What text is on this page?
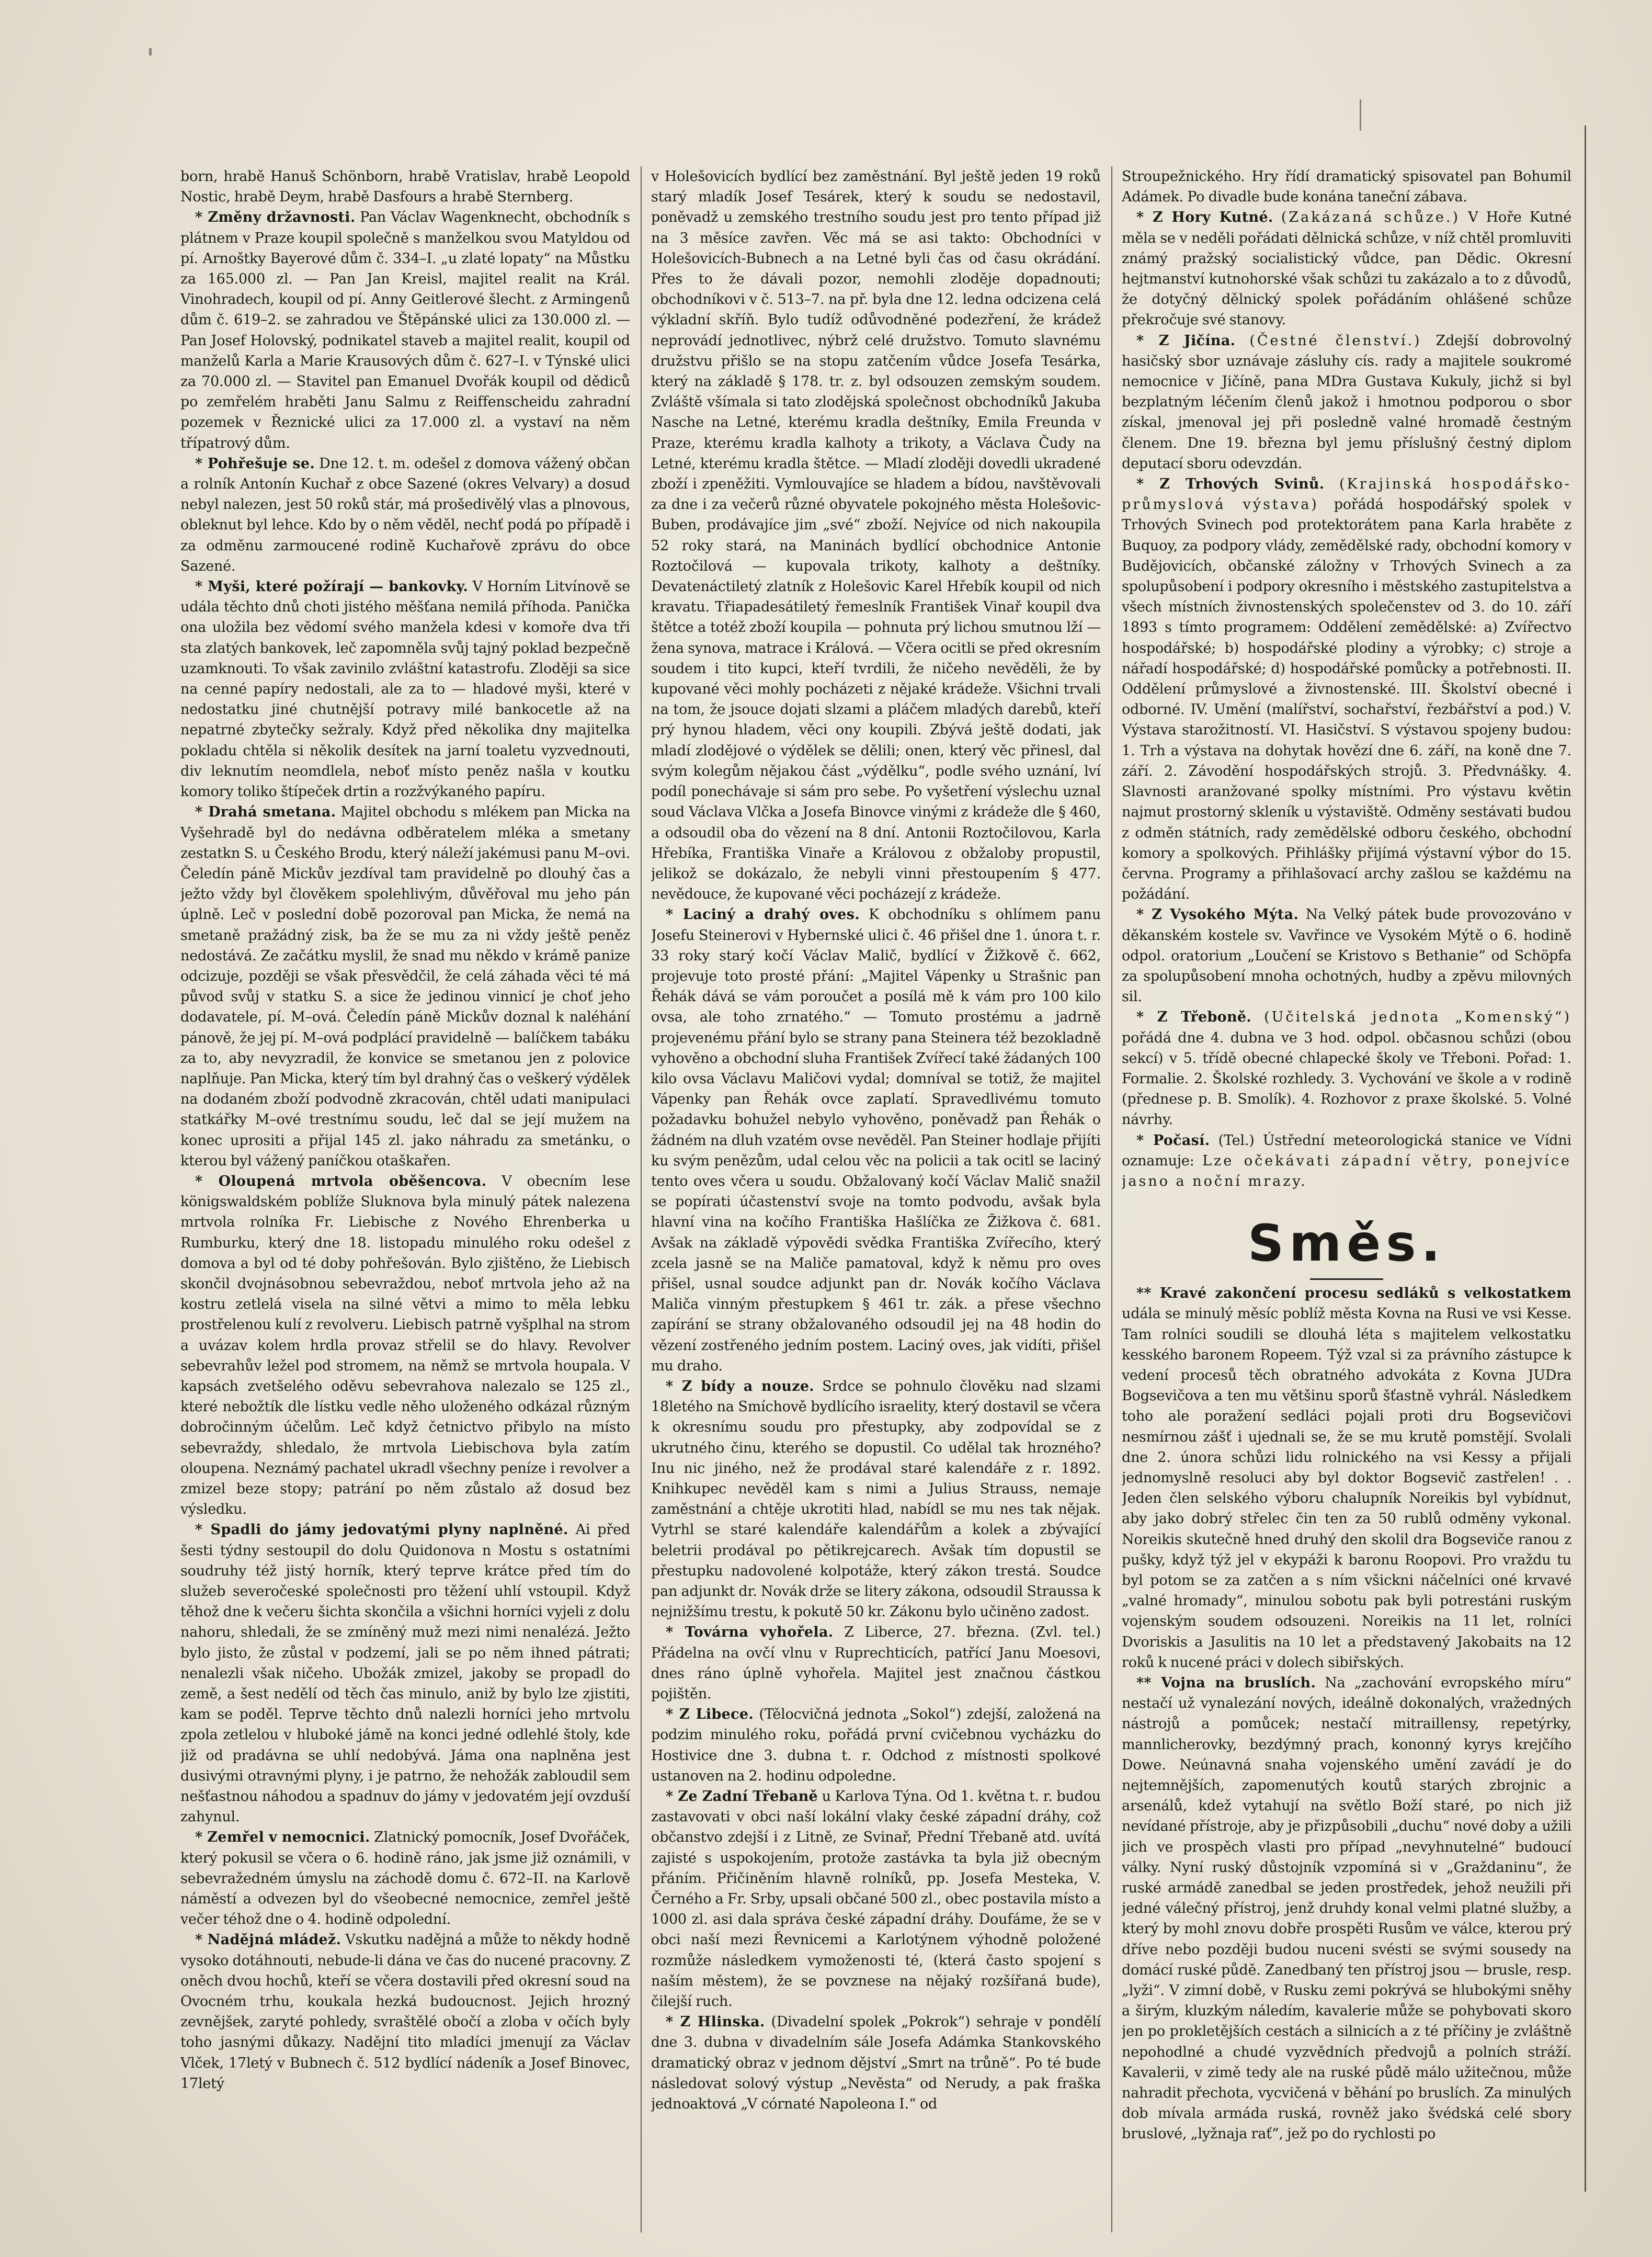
born, hrabě Hanuš Schönborn, hrabě Vratislav, hrabě Leopold Nostic, hrabě Deym, hrabě Dasfours a hrabě Sternberg.

* Změny državnosti. Pan Václav Wagenknecht, obchodník s plátnem v Praze koupil společně s manželkou svou Matyldou od pí. Arnoštky Bayerové dům č. 334–I. „u zlaté lopaty“ na Můstku za 165.000 zl. — Pan Jan Kreisl, majitel realit na Král. Vinohradech, koupil od pí. Anny Geitlerové šlecht. z Armingenů dům č. 619–2. se zahradou ve Štěpánské ulici za 130.000 zl. — Pan Josef Holovský, podnikatel staveb a majitel realit, koupil od manželů Karla a Marie Krausových dům č. 627–I. v Týnské ulici za 70.000 zl. — Stavitel pan Emanuel Dvořák koupil od dědiců po zemřelém hraběti Janu Salmu z Reiffenscheidu zahradní pozemek v Řeznické ulici za 17.000 zl. a vystaví na něm třípatrový dům.

* Pohřešuje se. Dne 12. t. m. odešel z domova vážený občan a rolník Antonín Kuchař z obce Sazené (okres Velvary) a dosud nebyl nalezen, jest 50 roků stár, má prošedivělý vlas a plnovous, obleknut byl lehce. Kdo by o něm věděl, nechť podá po případě i za odměnu zarmoucené rodině Kuchařově zprávu do obce Sazené.

* Myši, které požírají — bankovky. V Horním Litvínově se udála těchto dnů choti jistého měšťana nemilá příhoda. Panička ona uložila bez vědomí svého manžela kdesi v komoře dva tři sta zlatých bankovek, leč zapomněla svůj tajný poklad bezpečně uzamknouti. To však zavinilo zvláštní katastrofu. Zloději sa sice na cenné papíry nedostali, ale za to — hladové myši, které v nedostatku jiné chutnější potravy milé bankocetle až na nepatrné zbytečky sežraly. Když před několika dny majitelka pokladu chtěla si několik desítek na jarní toaletu vyzvednouti, div leknutím neomdlela, neboť místo peněz našla v koutku komory toliko štípeček drtin a rozžvýkaného papíru.

* Drahá smetana. Majitel obchodu s mlékem pan Micka na Vyšehradě byl do nedávna odběratelem mléka a smetany zestatkn S. u Českého Brodu, který náleží jakémusi panu M–ovi. Čeledín páně Mickův jezdíval tam pravidelně po dlouhý čas a ježto vždy byl člověkem spolehlivým, důvěřoval mu jeho pán úplně. Leč v poslední době pozoroval pan Micka, že nemá na smetaně pražádný zisk, ba že se mu za ni vždy ještě peněz nedostává. Ze začátku myslil, že snad mu někdo v krámě panize odcizuje, později se však přesvědčil, že celá záhada věci té má původ svůj v statku S. a sice že jedinou vinnicí je choť jeho dodavatele, pí. M–ová. Čeledín páně Mickův doznal k naléhání pánově, že jej pí. M–ová podplácí pravidelně — balíčkem tabáku za to, aby nevyzradil, že konvice se smetanou jen z polovice naplňuje. Pan Micka, který tím byl drahný čas o veškerý výdělek na dodaném zboží podvodně zkracován, chtěl udati manipulaci statkářky M–ové trestnímu soudu, leč dal se její mužem na konec uprositi a přijal 145 zl. jako náhradu za smetánku, o kterou byl vážený paníčkou otaškařen.

* Oloupená mrtvola oběšencova. V obecním lese königswaldském poblíže Sluknova byla minulý pátek nalezena mrtvola rolníka Fr. Liebische z Nového Ehrenberka u Rumburku, který dne 18. listopadu minulého roku odešel z domova a byl od té doby pohřešován. Bylo zjištěno, že Liebisch skončil dvojnásobnou sebevraždou, neboť mrtvola jeho až na kostru zetlelá visela na silné větvi a mimo to měla lebku prostřelenou kulí z revolveru. Liebisch patrně vyšplhal na strom a uvázav kolem hrdla provaz střelil se do hlavy. Revolver sebevrahův ležel pod stromem, na němž se mrtvola houpala. V kapsách zvetšelého oděvu sebevrahova nalezalo se 125 zl., které nebožtík dle lístku vedle něho uloženého odkázal různým dobročinným účelům. Leč když četnictvo přibylo na místo sebevraždy, shledalo, že mrtvola Liebischova byla zatím oloupena. Neznámý pachatel ukradl všechny peníze i revolver a zmizel beze stopy; patrání po něm zůstalo až dosud bez výsledku.

* Spadli do jámy jedovatými plyny naplněné. Ai před šesti týdny sestoupil do dolu Quidonova n Mostu s ostatními soudruhy též jistý horník, který teprve krátce před tím do služeb severočeské společnosti pro těžení uhlí vstoupil. Když těhož dne k večeru šichta skončila a všichni horníci vyjeli z dolu nahoru, shledali, že se zmíněný muž mezi nimi nenalézá. Ježto bylo jisto, že zůstal v podzemí, jali se po něm ihned pátrati; nenalezli však ničeho. Ubožák zmizel, jakoby se propadl do země, a šest nedělí od těch čas minulo, aniž by bylo lze zjistiti, kam se poděl. Teprve těchto dnů nalezli horníci jeho mrtvolu zpola zetlelou v hluboké jámě na konci jedné odlehlé štoly, kde již od pradávna se uhlí nedobývá. Jáma ona naplněna jest dusivými otravnými plyny, i je patrno, že nehožák zabloudil sem nešťastnou náhodou a spadnuv do jámy v jedovatém její ovzduší zahynul.

* Zemřel v nemocnici. Zlatnický pomocník, Josef Dvořáček, který pokusil se včera o 6. hodině ráno, jak jsme již oznámili, v sebevražedném úmyslu na záchodě domu č. 672–II. na Karlově náměstí a odvezen byl do všeobecné nemocnice, zemřel ještě večer téhož dne o 4. hodině odpolední.

* Nadějná mládež. Vskutku nadějná a může to někdy hodně vysoko dotáhnouti, nebude-li dána ve čas do nucené pracovny. Z oněch dvou hochů, kteří se včera dostavili před okresní soud na Ovocném trhu, koukala hezká budoucnost. Jejich hrozný zevnějšek, zaryté pohledy, svraštělé obočí a zloba v očích byly toho jasnými důkazy. Nadějní tito mladíci jmenují za Václav Vlček, 17letý v Bubnech č. 512 bydlící nádeník a Josef Binovec, 17letý

v Holešovicích bydlící bez zaměstnání. Byl ještě jeden 19 roků starý mladík Josef Tesárek, který k soudu se nedostavil, poněvadž u zemského trestního soudu jest pro tento případ již na 3 měsíce zavřen. Věc má se asi takto: Obchodníci v Holešovicích-Bubnech a na Letné byli čas od času okrádání. Přes to že dávali pozor, nemohli zloděje dopadnouti; obchodníkovi v č. 513–7. na př. byla dne 12. ledna odcizena celá výkladní skříň. Bylo tudíž odůvodněné podezření, že krádež neprovádí jednotlivec, nýbrž celé družstvo. Tomuto slavnému družstvu přišlo se na stopu zatčením vůdce Josefa Tesárka, který na základě § 178. tr. z. byl odsouzen zemským soudem. Zvláště všímala si tato zlodějská společnost obchodníků Jakuba Nasche na Letné, kterému kradla deštníky, Emila Freunda v Praze, kterému kradla kalhoty a trikoty, a Václava Čudy na Letné, kterému kradla štětce. — Mladí zloději dovedli ukradené zboží i zpeněžiti. Vymlouvajíce se hladem a bídou, navštěvovali za dne i za večerů různé obyvatele pokojného města Holešovic-Buben, prodávajíce jim „své“ zboží. Nejvíce od nich nakoupila 52 roky stará, na Maninách bydlící obchodnice Antonie Roztočilová — kupovala trikoty, kalhoty a deštníky. Devatenáctiletý zlatník z Holešovic Karel Hřebík koupil od nich kravatu. Třiapadesátiletý řemeslník František Vinař koupil dva štětce a totéž zboží koupila — pohnuta prý lichou smutnou lží — žena synova, matrace i Králová. — Včera ocitli se před okresním soudem i tito kupci, kteří tvrdili, že ničeho nevěděli, že by kupované věci mohly pocházeti z nějaké krádeže. Všichni trvali na tom, že jsouce dojati slzami a pláčem mladých darebů, kteří prý hynou hladem, věci ony koupili. Zbývá ještě dodati, jak mladí zlodějové o výdělek se dělili; onen, který věc přinesl, dal svým kolegům nějakou část „výdělku“, podle svého uznání, lví podíl ponechávaje si sám pro sebe. Po vyšetření výslechu uznal soud Václava Vlčka a Josefa Binovce vinými z krádeže dle § 460, a odsoudil oba do vězení na 8 dní. Antonii Roztočilovou, Karla Hřebíka, Františka Vinaře a Královou z obžaloby propustil, jelikož se dokázalo, že nebyli vinni přestoupením § 477. nevědouce, že kupované věci pocházejí z krádeže.

* Laciný a drahý oves. K obchodníku s ohlímem panu Josefu Steinerovi v Hybernské ulici č. 46 přišel dne 1. února t. r. 33 roky starý kočí Václav Malič, bydlící v Žižkově č. 662, projevuje toto prosté přání: „Majitel Vápenky u Strašnic pan Řehák dává se vám poroučet a posílá mě k vám pro 100 kilo ovsa, ale toho zrnatého.“ — Tomuto prostému a jadrně projevenému přání bylo se strany pana Steinera též bezokladně vyhověno a obchodní sluha František Zvířecí také žádaných 100 kilo ovsa Václavu Maličovi vydal; domníval se totiž, že majitel Vápenky pan Řehák ovce zaplatí. Spravedlivému tomuto požadavku bohužel nebylo vyhověno, poněvadž pan Řehák o žádném na dluh vzatém ovse nevěděl. Pan Steiner hodlaje přijíti ku svým penězům, udal celou věc na policii a tak ocitl se laciný tento oves včera u soudu. Obžalovaný kočí Václav Malič snažil se popírati účastenství svoje na tomto podvodu, avšak byla hlavní vina na kočího Františka Hašlíčka ze Žižkova č. 681. Avšak na základě výpovědi svědka Františka Zvířecího, který zcela jasně se na Maliče pamatoval, když k němu pro oves přišel, usnal soudce adjunkt pan dr. Novák kočího Václava Maliča vinným přestupkem § 461 tr. zák. a přese všechno zapírání se strany obžalovaného odsoudil jej na 48 hodin do vězení zostřeného jedním postem. Laciný oves, jak vidíti, přišel mu draho.

* Z bídy a nouze. Srdce se pohnulo člověku nad slzami 18letého na Smíchově bydlícího israelity, který dostavil se včera k okresnímu soudu pro přestupky, aby zodpovídal se z ukrutného činu, kterého se dopustil. Co udělal tak hrozného? Inu nic jiného, než že prodával staré kalendáře z r. 1892. Knihkupec nevěděl kam s nimi a Julius Strauss, nemaje zaměstnání a chtěje ukrotiti hlad, nabídl se mu nes tak nějak. Vytrhl se staré kalendáře kalendářům a kolek a zbývající beletrii prodával po pětikrejcarech. Avšak tím dopustil se přestupku nadovolené kolpotáže, který zákon trestá. Soudce pan adjunkt dr. Novák drže se litery zákona, odsoudil Straussa k nejnižšímu trestu, k pokutě 50 kr. Zákonu bylo učiněno zadost.

* Továrna vyhořela. Z Liberce, 27. března. (Zvl. tel.) Přádelna na ovčí vlnu v Ruprechticích, patřící Janu Moesovi, dnes ráno úplně vyhořela. Majitel jest značnou částkou pojištěn.

* Z Libece. (Tělocvičná jednota „Sokol“) zdejší, založená na podzim minulého roku, pořádá první cvičebnou vycházku do Hostivice dne 3. dubna t. r. Odchod z místnosti spolkové ustanoven na 2. hodinu odpoledne.

* Ze Zadní Třebaně u Karlova Týna. Od 1. května t. r. budou zastavovati v obci naší lokální vlaky české západní dráhy, což občanstvo zdejší i z Litně, ze Svinař, Přední Třebaně atd. uvítá zajisté s uspokojením, protože zastávka ta byla již obecným přáním. Přičiněním hlavně rolníků, pp. Josefa Mesteka, V. Černého a Fr. Srby, upsali občané 500 zl., obec postavila místo a 1000 zl. asi dala správa české západní dráhy. Doufáme, že se v obci naší mezi Řevnicemi a Karlotýnem výhodně položené rozmůže následkem vymoženosti té, (která často spojení s naším městem), že se povznese na nějaký rozšířaná bude), čilejší ruch.

* Z Hlinska. (Divadelní spolek „Pokrok“) sehraje v pondělí dne 3. dubna v divadelním sále Josefa Adámka Stankovského dramatický obraz v jednom dějství „Smrt na trůně“. Po té bude následovat solový výstup „Nevěsta“ od Nerudy, a pak fraška jednoaktová „V córnaté Napoleona I.“ od

Stroupežnického. Hry řídí dramatický spisovatel pan Bohumil Adámek. Po divadle bude konána taneční zábava.

* Z Hory Kutné. (Zakázaná schůze.) V Hoře Kutné měla se v neděli pořádati dělnická schůze, v níž chtěl promluviti známý pražský socialistický vůdce, pan Dědic. Okresní hejtmanství kutnohorské však schůzi tu zakázalo a to z důvodů, že dotyčný dělnický spolek pořádáním ohlášené schůze překročuje své stanovy.

* Z Jičína. (Čestné členství.) Zdejší dobrovolný hasičský sbor uznávaje zásluhy cís. rady a majitele soukromé nemocnice v Jičíně, pana MDra Gustava Kukuly, jichž si byl bezplatným léčením členů jakož i hmotnou podporou o sbor získal, jmenoval jej při posledně valné hromadě čestným členem. Dne 19. března byl jemu příslušný čestný diplom deputací sboru odevzdán.

* Z Trhových Svinů. (Krajinská hospodářsko-průmyslová výstava) pořádá hospodářský spolek v Trhových Svinech pod protektorátem pana Karla hraběte z Buquoy, za podpory vlády, zemědělské rady, obchodní komory v Budějovicích, občanské záložny v Trhových Svinech a za spolupůsobení i podpory okresního i městského zastupitelstva a všech místních živnostenských společenstev od 3. do 10. září 1893 s tímto programem: Oddělení zemědělské: a) Zvířectvo hospodářské; b) hospodářské plodiny a výrobky; c) stroje a nářadí hospodářské; d) hospodářské pomůcky a potřebnosti. II. Oddělení průmyslové a živnostenské. III. Školství obecné i odborné. IV. Umění (malířství, sochařství, řezbářství a pod.) V. Výstava starožitností. VI. Hasičství. S výstavou spojeny budou: 1. Trh a výstava na dohytak hovězí dne 6. září, na koně dne 7. září. 2. Závodění hospodářských strojů. 3. Předvnášky. 4. Slavnosti aranžované spolky místními. Pro výstavu květin najmut prostorný skleník u výstaviště. Odměny sestávati budou z odměn státních, rady zemědělské odboru českého, obchodní komory a spolkových. Přihlášky přijímá výstavní výbor do 15. června. Programy a přihlašovací archy zašlou se každému na požádání.

* Z Vysokého Mýta. Na Velký pátek bude provozováno v děkanském kostele sv. Vavřince ve Vysokém Mýtě o 6. hodině odpol. oratorium „Loučení se Kristovo s Bethanie“ od Schöpfa za spolupůsobení mnoha ochotných, hudby a zpěvu milovných sil.

* Z Třeboně. (Učitelská jednota „Komenský“) pořádá dne 4. dubna ve 3 hod. odpol. občasnou schůzi (obou sekcí) v 5. třídě obecné chlapecké školy ve Třeboni. Pořad: 1. Formalie. 2. Školské rozhledy. 3. Vychování ve škole a v rodině (přednese p. B. Smolík). 4. Rozhovor z praxe školské. 5. Volné návrhy.

* Počasí. (Tel.) Ústřední meteorologická stanice ve Vídni oznamuje: Lze očekávati západní větry, ponejvíce jasno a noční mrazy.

Směs.

** Kravé zakončení procesu sedláků s velkostatkem udála se minulý měsíc poblíž města Kovna na Rusi ve vsi Kesse. Tam rolníci soudili se dlouhá léta s majitelem velkostatku kesského baronem Ropeem. Týž vzal si za právního zástupce k vedení procesů těch obratného advokáta z Kovna JUDra Bogsevičova a ten mu většinu sporů šťastně vyhrál. Následkem toho ale poražení sedláci pojali proti dru Bogsevičovi nesmírnou zášť i ujednali se, že se mu krutě pomstějí. Svolali dne 2. února schůzi lidu rolnického na vsi Kessy a přijali jednomyslně resoluci aby byl doktor Bogsevič zastřelen! . . Jeden člen selského výboru chalupník Noreikis byl vybídnut, aby jako dobrý střelec čin ten za 50 rublů odměny vykonal. Noreikis skutečně hned druhý den skolil dra Bogseviče ranou z pušky, když týž jel v ekypáži k baronu Roopovi. Pro vraždu tu byl potom se za zatčen a s ním všickni náčelníci oné krvavé „valné hromady“, minulou sobotu pak byli potrestáni ruským vojenským soudem odsouzeni. Noreikis na 11 let, rolníci Dvoriskis a Jasulitis na 10 let a představený Jakobaits na 12 roků k nucené práci v dolech sibiřských.

** Vojna na bruslích. Na „zachování evropského míru“ nestačí už vynalezání nových, ideálně dokonalých, vražedných nástrojů a pomůcek; nestačí mitraillensy, repetýrky, mannlicherovky, bezdýmný prach, kononný kyrys krejčího Dowe. Neúnavná snaha vojenského umění zavádí je do nejtemnějších, zapomenutých koutů starých zbrojnic a arsenálů, kdež vytahují na světlo Boží staré, po nich již nevídané přístroje, aby je přizpůsobili „duchu“ nové doby a užili jich ve prospěch vlasti pro případ „nevyhnutelné“ budoucí války. Nyní ruský důstojník vzpomíná si v „Graždaninu“, že ruské armádě zanedbal se jeden prostředek, jehož neužili při jedné válečný přístroj, jenž druhdy konal velmi platné služby, a který by mohl znovu dobře prospěti Rusům ve válce, kterou prý dříve nebo později budou nuceni svésti se svými sousedy na domácí ruské půdě. Zanedbaný ten přístroj jsou — brusle, resp. „lyži“. V zimní době, v Rusku zemi pokrývá se hlubokými sněhy a širým, kluzkým náledím, kavalerie může se pohybovati skoro jen po prokletějších cestách a silnicích a z té příčiny je zvláštně nepohodlné a chudé vyzvědních předvojů a polních stráží. Kavalerii, v zimě tedy ale na ruské půdě málo užitečnou, může nahradit přechota, vycvičená v běhání po bruslích. Za minulých dob mívala armáda ruská, rovněž jako švédská celé sbory bruslové, „lyžnaja rať“, jež po do rychlosti po
